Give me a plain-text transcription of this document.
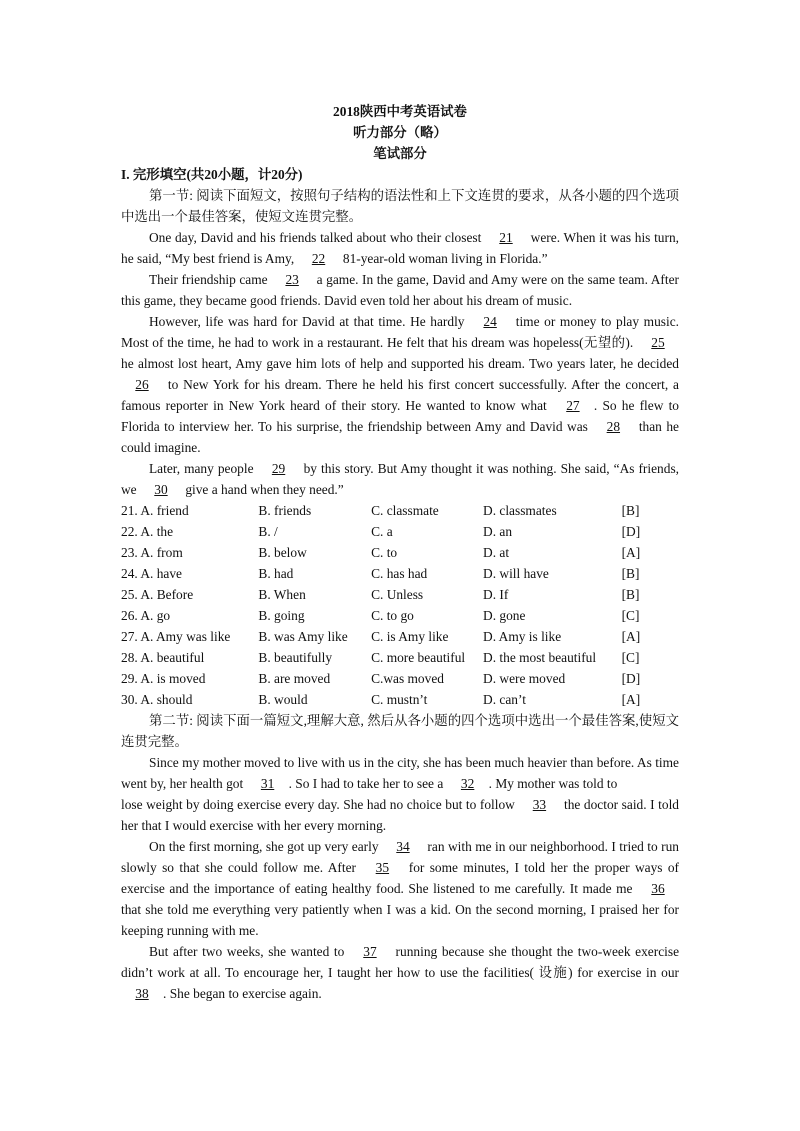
2018陕西中考英语试卷
听力部分（略）
笔试部分
I. 完形填空(共20小题，计20分)

第一节: 阅读下面短文，按照句子结构的语法性和上下文连贯的要求，从各小题的四个选项中选出一个最佳答案，使短文连贯完整。

One day, David and his friends talked about who their closest 21 were. When it was his turn, he said, “My best friend is Amy, 22 81-year-old woman living in Florida.”

Their friendship came 23 a game. In the game, David and Amy were on the same team. After this game, they became good friends. David even told her about his dream of music.

However, life was hard for David at that time. He hardly 24 time or money to play music. Most of the time, he had to work in a restaurant. He felt that his dream was hopeless(无望的). 25 he almost lost heart, Amy gave him lots of help and supported his dream. Two years later, he decided 26 to New York for his dream. There he held his first concert successfully. After the concert, a famous reporter in New York heard of their story. He wanted to know what 27 . So he flew to Florida to interview her. To his surprise, the friendship between Amy and David was 28 than he could imagine.

Later, many people 29 by this story. But Amy thought it was nothing. She said, “As friends, we 30 give a hand when they need.”

21. A. friend	B. friends	C. classmate	D. classmates	[B]
22. A. the	B. /	C. a	D. an	[D]
23. A. from	B. below	C. to	D. at	[A]
24. A. have	B. had	C. has had	D. will have	[B]
25. A. Before	B. When	C. Unless	D. If	[B]
26. A. go	B. going	C. to go	D. gone	[C]
27. A. Amy was like	B. was Amy like	C. is Amy like	D. Amy is like	[A]
28. A. beautiful	B. beautifully	C. more beautiful	D. the most beautiful	[C]
29. A. is moved	B. are moved	C.was moved	D. were moved	[D]
30. A. should	B. would	C. mustn’t	D. can’t	[A]

第二节: 阅读下面一篇短文,理解大意, 然后从各小题的四个选项中选出一个最佳答案,使短文连贯完整。

Since my mother moved to live with us in the city, she has been much heavier than before. As time went by, her health got 31 . So I had to take her to see a 32 . My mother was told to

lose weight by doing exercise every day. She had no choice but to follow 33 the doctor said. I told her that I would exercise with her every morning.

On the first morning, she got up very early 34 ran with me in our neighborhood. I tried to run slowly so that she could follow me. After 35 for some minutes, I told her the proper ways of exercise and the importance of eating healthy food. She listened to me carefully. It made me 36 that she told me everything very patiently when I was a kid. On the second morning, I praised her for keeping running with me.

But after two weeks, she wanted to 37 running because she thought the two-week exercise didn’t work at all. To encourage her, I taught her how to use the facilities( 设施) for exercise in our 38 . She began to exercise again.
